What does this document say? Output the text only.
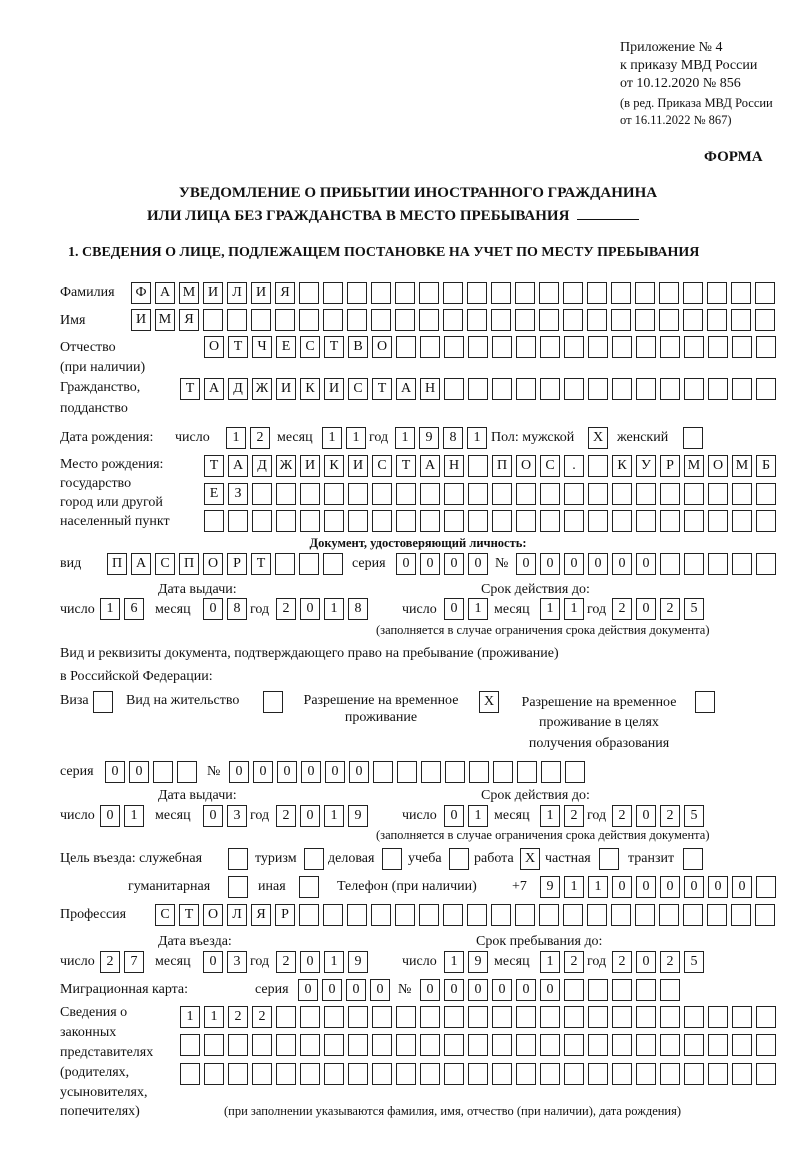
Приложение № 4
к приказу МВД России
от 10.12.2020 № 856
(в ред. Приказа МВД России
от 16.11.2022 № 867)
ФОРМА
УВЕДОМЛЕНИЕ О ПРИБЫТИИ ИНОСТРАННОГО ГРАЖДАНИНА
ИЛИ ЛИЦА БЕЗ ГРАЖДАНСТВА В МЕСТО ПРЕБЫВАНИЯ
1. СВЕДЕНИЯ О ЛИЦЕ, ПОДЛЕЖАЩЕМ ПОСТАНОВКЕ НА УЧЕТ ПО МЕСТУ ПРЕБЫВАНИЯ
Фамилия	Ф А М И	Л	И	Я
Имя	И М Я
Отчество
(при наличии)
О	Т	Ч	Е	С	Т	В	О
Гражданство,
подданство
Т	А	Д Ж И	К	И	С	Т	А Н
Дата рождения: число	1	2 месяц	1	1 год 1	9	8	1 Пол: мужской	X женский
Место рождения:
государство
город или другой
населенный пункт
Т	А	Д Ж И	К	И	С	Т	А Н	П О	С	.	К	У	Р М О М Б
Е	З
Документ, удостоверяющий личность:
вид	П А	С	П О	Р	Т	серия	0	0	0	0 №	0	0	0	0	0	0
Дата выдачи:	Срок действия до:
число 1	6	месяц	0	8 год 2	0	1	8	число 0	1 месяц	1	1 год 2	0	2	5
(заполняется в случае ограничения срока действия документа)
Вид и реквизиты документа, подтверждающего право на пребывание (проживание)
в Российской Федерации:
Виза	Вид на жительство	Разрешение на временное
проживание
X	Разрешение на временное
проживание в целях
получения образования
серия	0	0	№	0	0	0	0	0	0
Дата выдачи:	Срок действия до:
число 0	1	месяц	0	3 год 2	0	1	9	число 0	1 месяц	1	2 год 2	0	2	5
(заполняется в случае ограничения срока действия документа)
Цель въезда: служебная	туризм деловая учеба работа X частная	транзит
гуманитарная	иная	Телефон (при наличии)	+7	9	1	1	0	0	0	0	0	0
Профессия	С	Т	О	Л	Я	Р
Дата въезда:	Срок пребывания до:
число 2	7	месяц	0	3 год 2	0	1	9	число 1	9 месяц	1	2 год 2	0	2	5
Миграционная карта:	серия	0	0	0	0	№	0	0	0	0	0	0
Сведения о
законных
представителях
(родителях,
усыновителях,
попечителях)
1	1	2	2
(при заполнении указываются фамилия, имя, отчество (при наличии), дата рождения)
